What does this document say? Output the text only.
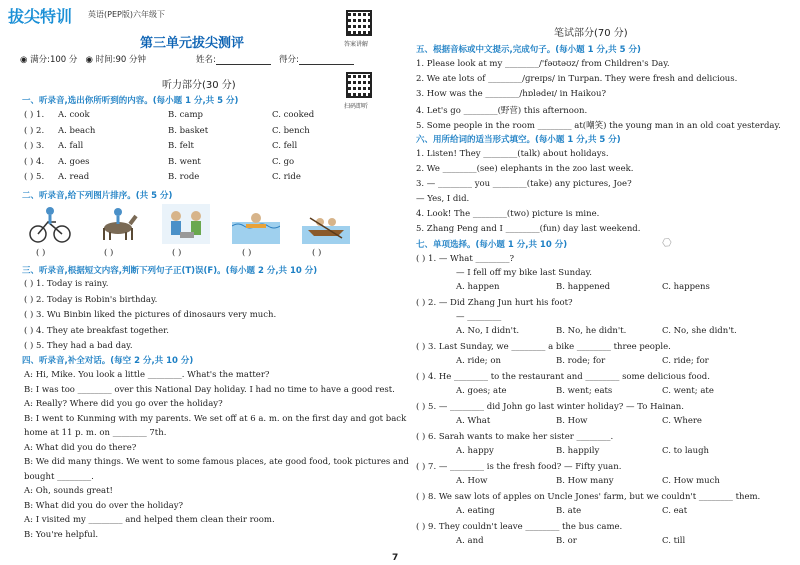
拔尖特训 英语(PEP版)六年级下
答案讲解
扫码即听
第三单元拔尖测评
◉ 满分:100 分 ◉ 时间:90 分钟	姓名:	得分:
听力部分(30 分)
一、听录音,选出你所听到的内容。(每小题 1 分,共 5 分)
二、听录音,给下列图片排序。(共 5 分)
( )	( )	( )	( )	( )
三、听录音,根据短文内容,判断下列句子正(T)误(F)。(每小题 2 分,共 10 分)
四、听录音,补全对话。(每空 2 分,共 10 分)
( ) 1. A. cook	B. camp	C. cooked
( ) 2. A. beach	B. basket	C. bench
( ) 3. A. fall	B. felt	C. fell
( ) 4. A. goes	B. went	C. go
( ) 5. A. read	B. rode	C. ride
( ) 1. Today is rainy.
( ) 2. Today is Robin's birthday.
( ) 3. Wu Binbin liked the pictures of dinosaurs very much.
( ) 4. They ate breakfast together.
( ) 5. They had a bad day.
A: Hi, Mike. You look a little ________. What's the matter?
B: I was too ________ over this National Day holiday. I had no time to have a good rest.
A: Really? Where did you go over the holiday?
B: I went to Kunming with my parents. We set off at 6 a. m. on the first day and got back
home at 11 p. m. on ________ 7th.
A: What did you do there?
B: We did many things. We went to some famous places, ate good food, took pictures and
bought ________.
A: Oh, sounds great!
B: What did you do over the holiday?
A: I visited my ________ and helped them clean their room.
B: You're helpful.
笔试部分(70 分)
五、根据音标或中文提示,完成句子。(每小题 1 分,共 5 分)
六、用所给词的适当形式填空。(每小题 1 分,共 5 分)
七、单项选择。(每小题 1 分,共 10 分)	⬡
1. Please look at my ________/'fəʊtəʊz/ from Children's Day.
2. We ate lots of ________/ɡreɪps/ in Turpan. They were fresh and delicious.
3. How was the ________/hɒlədeɪ/ in Haikou?
4. Let's go ________(野营) this afternoon.
5. Some people in the room ________ at(嘲笑) the young man in an old coat yesterday.
1. Listen! They ________(talk) about holidays.
2. We ________(see) elephants in the zoo last week.
3. — ________ you ________(take) any pictures, Joe?
— Yes, I did.
4. Look! The ________(two) picture is mine.
5. Zhang Peng and I ________(fun) day last weekend.
( ) 1. — What ________?
— I fell off my bike last Sunday.
A. happen	B. happened	C. happens
( ) 2. — Did Zhang Jun hurt his foot?
— ________
A. No, I didn't.	B. No, he didn't.	C. No, she didn't.
( ) 3. Last Sunday, we ________ a bike ________ three people.
A. ride; on	B. rode; for	C. ride; for
( ) 4. He ________ to the restaurant and ________ some delicious food.
A. goes; ate	B. went; eats	C. went; ate
( ) 5. — ________ did John go last winter holiday? — To Hainan.
A. What	B. How	C. Where
( ) 6. Sarah wants to make her sister ________.
A. happy	B. happily	C. to laugh
( ) 7. — ________ is the fresh food? — Fifty yuan.
A. How	B. How many	C. How much
( ) 8. We saw lots of apples on Uncle Jones' farm, but we couldn't ________ them.
A. eating	B. ate	C. eat
( ) 9. They couldn't leave ________ the bus came.
A. and	B. or	C. till
7
